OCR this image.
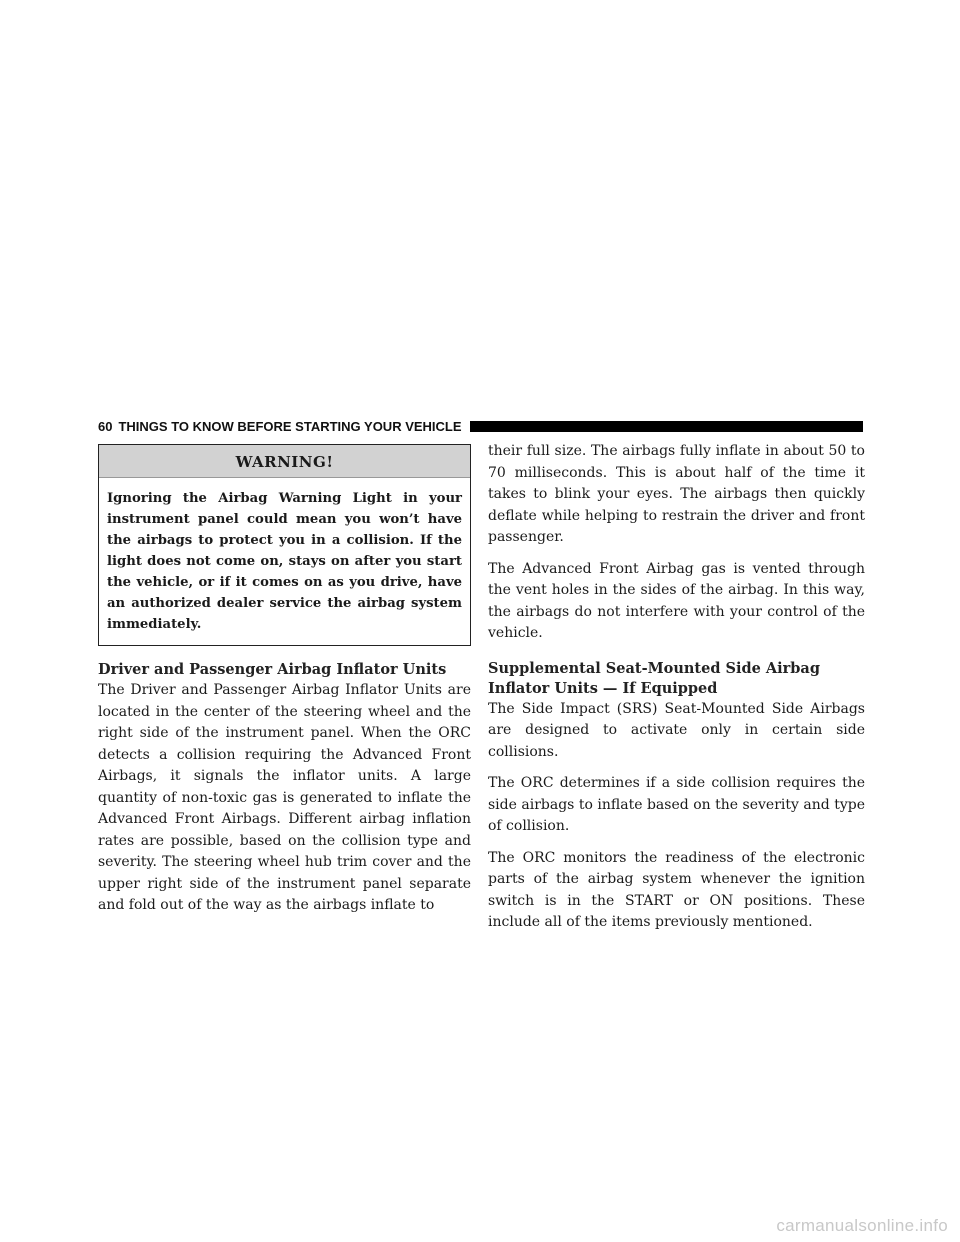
60 THINGS TO KNOW BEFORE STARTING YOUR VEHICLE
WARNING!
Ignoring the Airbag Warning Light in your instrument panel could mean you won’t have the airbags to protect you in a collision. If the light does not come on, stays on after you start the vehicle, or if it comes on as you drive, have an authorized dealer service the airbag system immediately.
Driver and Passenger Airbag Inflator Units

The Driver and Passenger Airbag Inflator Units are located in the center of the steering wheel and the right side of the instrument panel. When the ORC detects a collision requiring the Advanced Front Airbags, it signals the inflator units. A large quantity of non-toxic gas is generated to inflate the Advanced Front Airbags. Different airbag inflation rates are possible, based on the collision type and severity. The steering wheel hub trim cover and the upper right side of the instrument panel separate and fold out of the way as the airbags inflate to

their full size. The airbags fully inflate in about 50 to 70 milliseconds. This is about half of the time it takes to blink your eyes. The airbags then quickly deflate while helping to restrain the driver and front passenger.

The Advanced Front Airbag gas is vented through the vent holes in the sides of the airbag. In this way, the airbags do not interfere with your control of the vehicle.

Supplemental Seat-Mounted Side Airbag Inflator Units — If Equipped

The Side Impact (SRS) Seat-Mounted Side Airbags are designed to activate only in certain side collisions.

The ORC determines if a side collision requires the side airbags to inflate based on the severity and type of collision.

The ORC monitors the readiness of the electronic parts of the airbag system whenever the ignition switch is in the START or ON positions. These include all of the items previously mentioned.

carmanualsonline.info
